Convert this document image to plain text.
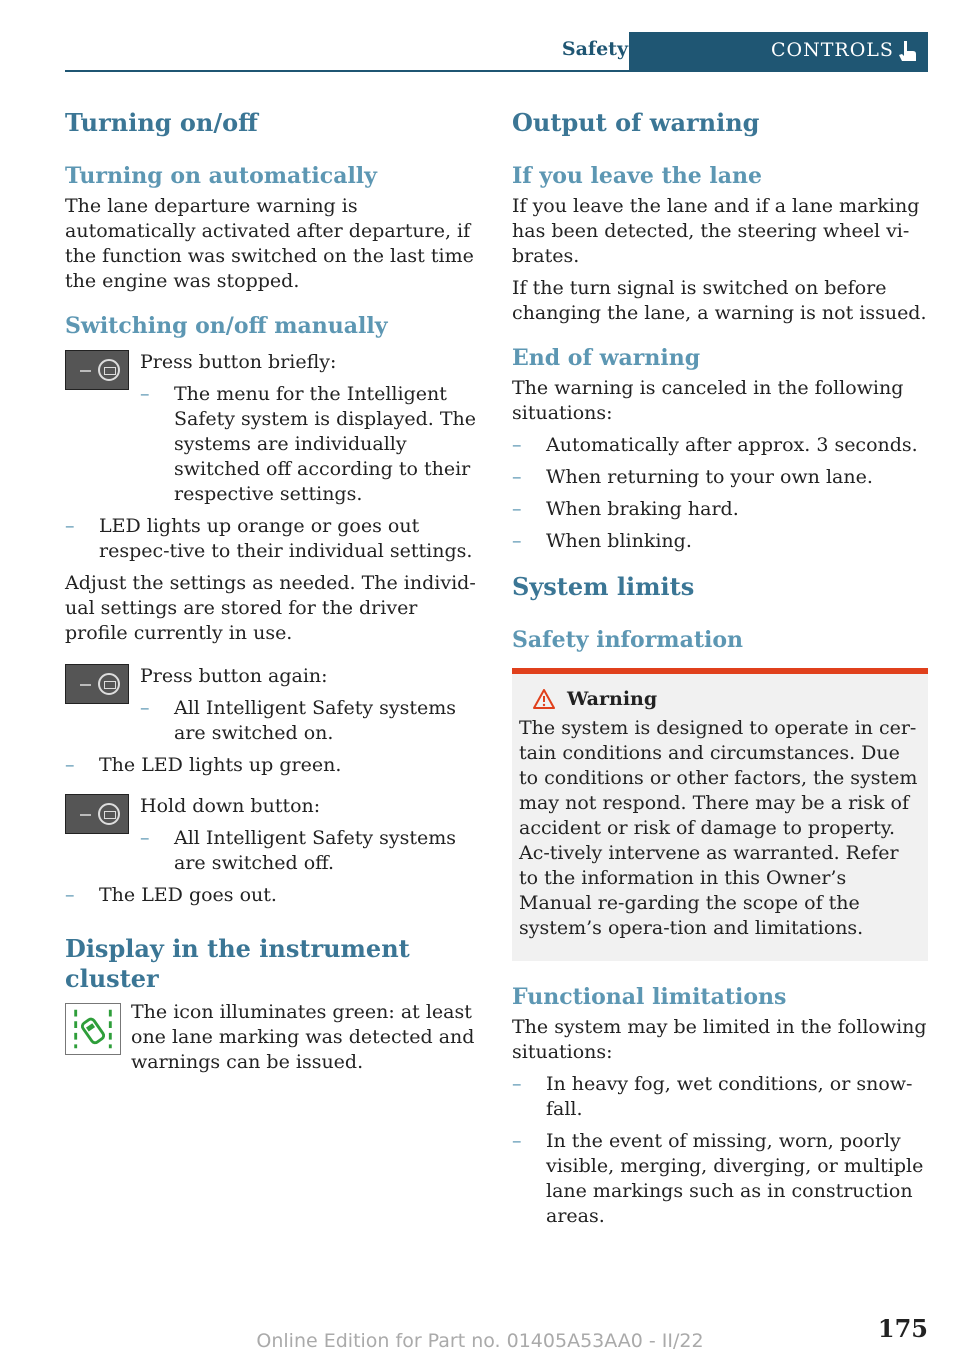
Safety	CONTROLS
Turning on/off
Turning on automatically

The lane departure warning is automatically activated after departure, if the function was switched on the last time the engine was stopped.

Switching on/off manually

Press button briefly:

– The menu for the Intelligent Safety system is displayed. The systems are individually switched off according to their respective settings.
– LED lights up orange or goes out respec‐tive to their individual settings.

Adjust the settings as needed. The individ‐ual settings are stored for the driver profile currently in use.

Press button again:

– All Intelligent Safety systems are switched on.
– The LED lights up green.

Hold down button:

– All Intelligent Safety systems are switched off.
– The LED goes out.
Display in the instrument cluster

The icon illuminates green: at least one lane marking was detected and warnings can be issued.

Output of warning
If you leave the lane

If you leave the lane and if a lane marking has been detected, the steering wheel vi‐brates.

If the turn signal is switched on before changing the lane, a warning is not issued.

End of warning

The warning is canceled in the following situations:

– Automatically after approx. 3 seconds.
– When returning to your own lane.
– When braking hard.
– When blinking.
System limits
Safety information
Warning

The system is designed to operate in cer‐tain conditions and circumstances. Due to conditions or other factors, the system may not respond. There may be a risk of accident or risk of damage to property. Ac‐tively intervene as warranted. Refer to the information in this Owner’s Manual re‐garding the scope of the system’s opera‐tion and limitations.

Functional limitations

The system may be limited in the following situations:

– In heavy fog, wet conditions, or snow‐fall.
– In the event of missing, worn, poorly visible, merging, diverging, or multiple lane markings such as in construction areas.
175
Online Edition for Part no. 01405A53AA0 - II/22
